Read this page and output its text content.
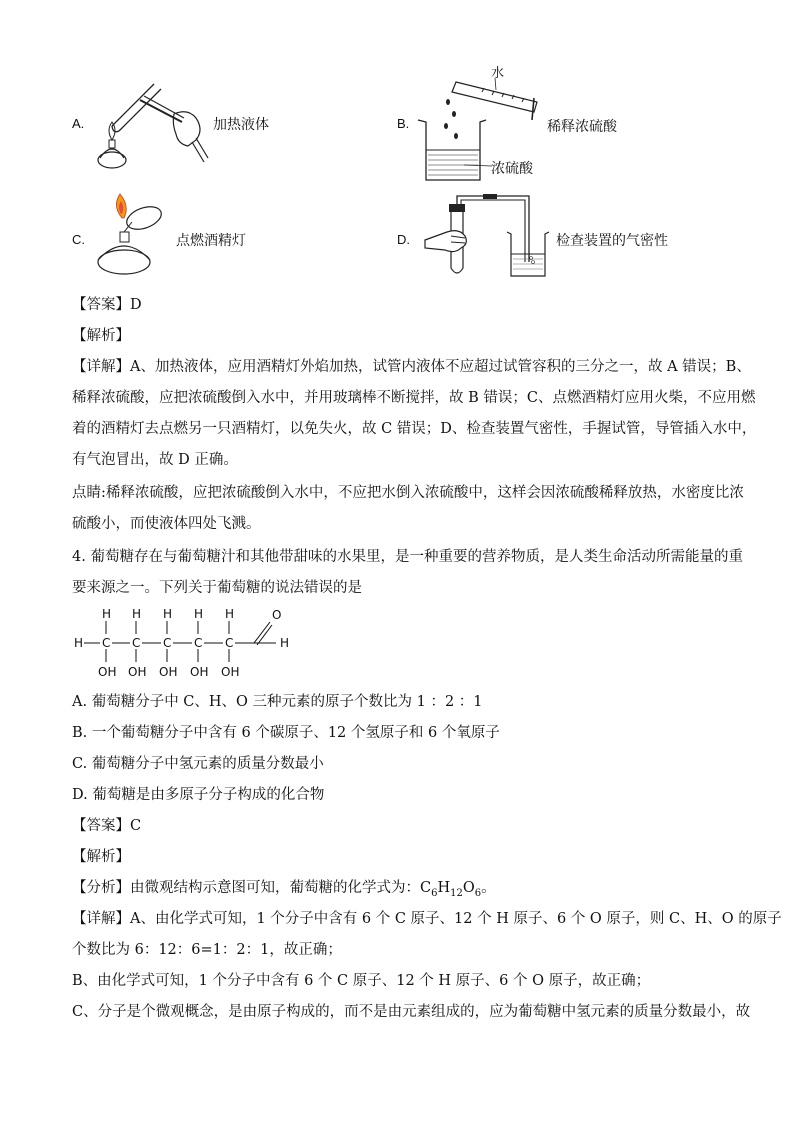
A.	加热液体	B.
水
浓硫酸
稀释浓硫酸
C.	点燃酒精灯	D.	检查装置的气密性
【答案】D
【解析】
【详解】A、加热液体，应用酒精灯外焰加热，试管内液体不应超过试管容积的三分之一，故 A 错误；B、
稀释浓硫酸，应把浓硫酸倒入水中，并用玻璃棒不断搅拌，故 B 错误；C、点燃酒精灯应用火柴，不应用燃
着的酒精灯去点燃另一只酒精灯，以免失火，故 C 错误；D、检查装置气密性，手握试管，导管插入水中，
有气泡冒出，故 D 正确。
点睛:稀释浓硫酸，应把浓硫酸倒入水中，不应把水倒入浓硫酸中，这样会因浓硫酸稀释放热，水密度比浓
硫酸小，而使液体四处飞溅。
4. 葡萄糖存在与葡萄糖汁和其他带甜味的水果里，是一种重要的营养物质，是人类生命活动所需能量的重
要来源之一。下列关于葡萄糖的说法错误的是
H C C C C C
H H H H H
OH OH OH OH OH
O
H
A. 葡萄糖分子中 C、H、O 三种元素的原子个数比为 1 ：2 ：1
B. 一个葡萄糖分子中含有 6 个碳原子、12 个氢原子和 6 个氧原子
C. 葡萄糖分子中氢元素的质量分数最小
D. 葡萄糖是由多原子分子构成的化合物
【答案】C
【解析】
【分析】由微观结构示意图可知，葡萄糖的化学式为：$C_6H_{12}O_6$。
【详解】A、由化学式可知，1 个分子中含有 6 个 C 原子、12 个 H 原子、6 个 O 原子，则 C、H、O 的原子
个数比为 6：12：6=1：2：1，故正确；
B、由化学式可知，1 个分子中含有 6 个 C 原子、12 个 H 原子、6 个 O 原子，故正确；
C、分子是个微观概念，是由原子构成的，而不是由元素组成的，应为葡萄糖中氢元素的质量分数最小，故
